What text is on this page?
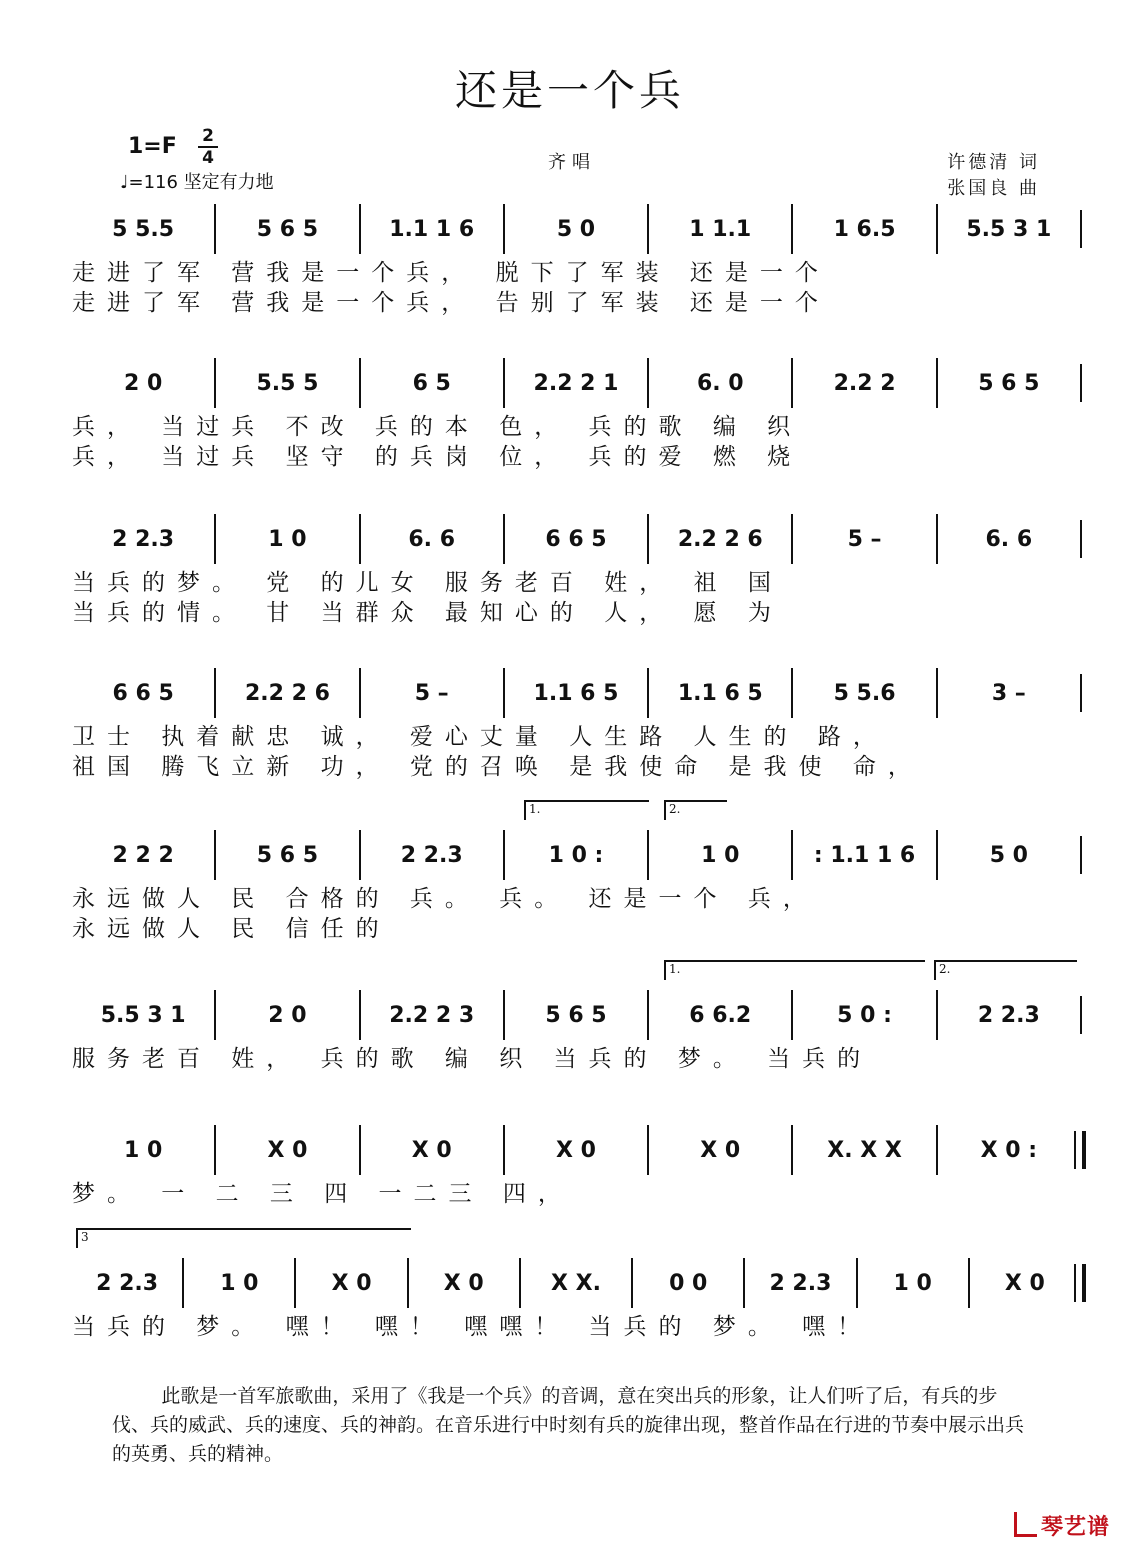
还是一个兵
1=F 2
4
♩=116 坚定有力地
齐唱	许德清 词
张国良 曲
5 5.5	5 6 5	1.1 1 6	5 0	1 1.1	1 6.5	5.5 3 1
走进了军 营我是一个兵， 脱下了军装 还是一个
走进了军 营我是一个兵， 告别了军装 还是一个
2 0	5.5 5	6 5	2.2 2 1	6. 0	2.2 2	5 6 5
兵， 当过兵 不改 兵的本 色， 兵的歌 编 织
兵， 当过兵 坚守 的兵岗 位， 兵的爱 燃 烧
2 2.3	1 0	6. 6	6 6 5	2.2 2 6	5 –	6. 6
当兵的梦。 党 的儿女 服务老百 姓， 祖 国
当兵的情。 甘 当群众 最知心的 人， 愿 为
6 6 5	2.2 2 6	5 –	1.1 6 5	1.1 6 5	5 5.6	3 –
卫士 执着献忠 诚， 爱心丈量 人生路 人生的 路，
祖国 腾飞立新 功， 党的召唤 是我使命 是我使 命，
2 2 2	5 6 5	2 2.3	1 0 :	1 0	: 1.1 1 6	5 0
永远做人 民 合格的 兵。 兵。 还是一个 兵，
永远做人 民 信任的
1.	2.
5.5 3 1	2 0	2.2 2 3	5 6 5	6 6.2	5 0 :	2 2.3
服务老百 姓， 兵的歌 编 织 当兵的 梦。 当兵的
1.	2.
1 0	X 0	X 0	X 0	X 0	X. X X	X 0 :
梦。 一 二 三 四 一二三 四，
2 2.3	1 0	X 0	X 0	X X.	0 0	2 2.3	1 0	X 0
当兵的 梦。 嘿！ 嘿！ 嘿嘿！ 当兵的 梦。 嘿！
3

此歌是一首军旅歌曲，采用了《我是一个兵》的音调，意在突出兵的形象，让人们听了后，有兵的步伐、兵的威武、兵的速度、兵的神韵。在音乐进行中时刻有兵的旋律出现，整首作品在行进的节奏中展示出兵的英勇、兵的精神。

琴艺谱
